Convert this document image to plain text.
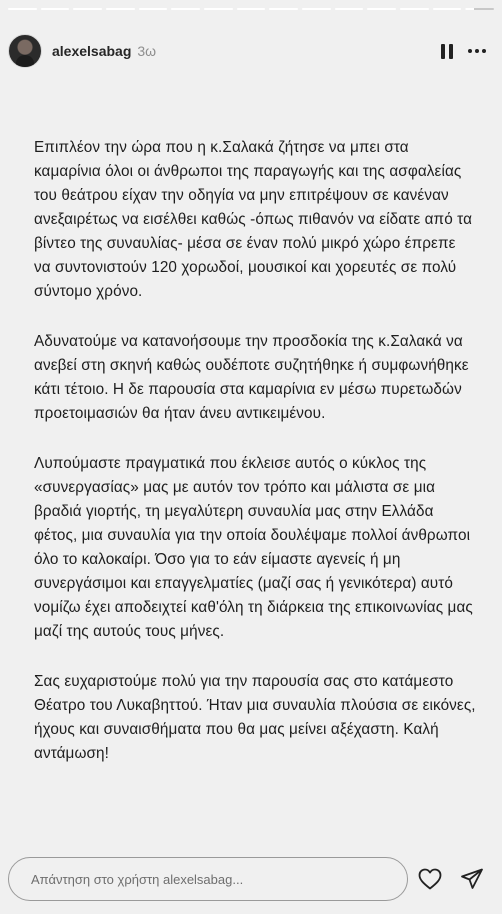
alexelsabag 3ω

Επιπλέον την ώρα που η κ.Σαλακά ζήτησε να μπει στα καμαρίνια όλοι οι άνθρωποι της παραγωγής και της ασφαλείας του θεάτρου είχαν την οδηγία να μην επιτρέψουν σε κανέναν ανεξαιρέτως να εισέλθει καθώς -όπως πιθανόν να είδατε από τα βίντεο της συναυλίας- μέσα σε έναν πολύ μικρό χώρο έπρεπε να συντονιστούν 120 χορωδοί, μουσικοί και χορευτές σε πολύ σύντομο χρόνο.

Αδυνατούμε να κατανοήσουμε την προσδοκία της κ.Σαλακά να ανεβεί στη σκηνή καθώς ουδέποτε συζητήθηκε ή συμφωνήθηκε κάτι τέτοιο. Η δε παρουσία στα καμαρίνια εν μέσω πυρετωδών προετοιμασιών θα ήταν άνευ αντικειμένου.

Λυπούμαστε πραγματικά που έκλεισε αυτός ο κύκλος της «συνεργασίας» μας με αυτόν τον τρόπο και μάλιστα σε μια βραδιά γιορτής, τη μεγαλύτερη συναυλία μας στην Ελλάδα φέτος, μια συναυλία για την οποία δουλέψαμε πολλοί άνθρωποι όλο το καλοκαίρι. Όσο για το εάν είμαστε αγενείς ή μη συνεργάσιμοι και επαγγελματίες (μαζί σας ή γενικότερα) αυτό νομίζω έχει αποδειχτεί καθ'όλη τη διάρκεια της επικοινωνίας μας μαζί της αυτούς τους μήνες.

Σας ευχαριστούμε πολύ για την παρουσία σας στο κατάμεστο Θέατρο του Λυκαβηττού. Ήταν μια συναυλία πλούσια σε εικόνες, ήχους και συναισθήματα που θα μας μείνει αξέχαστη. Καλή αντάμωση!

Απάντηση στο χρήστη alexelsabag...
